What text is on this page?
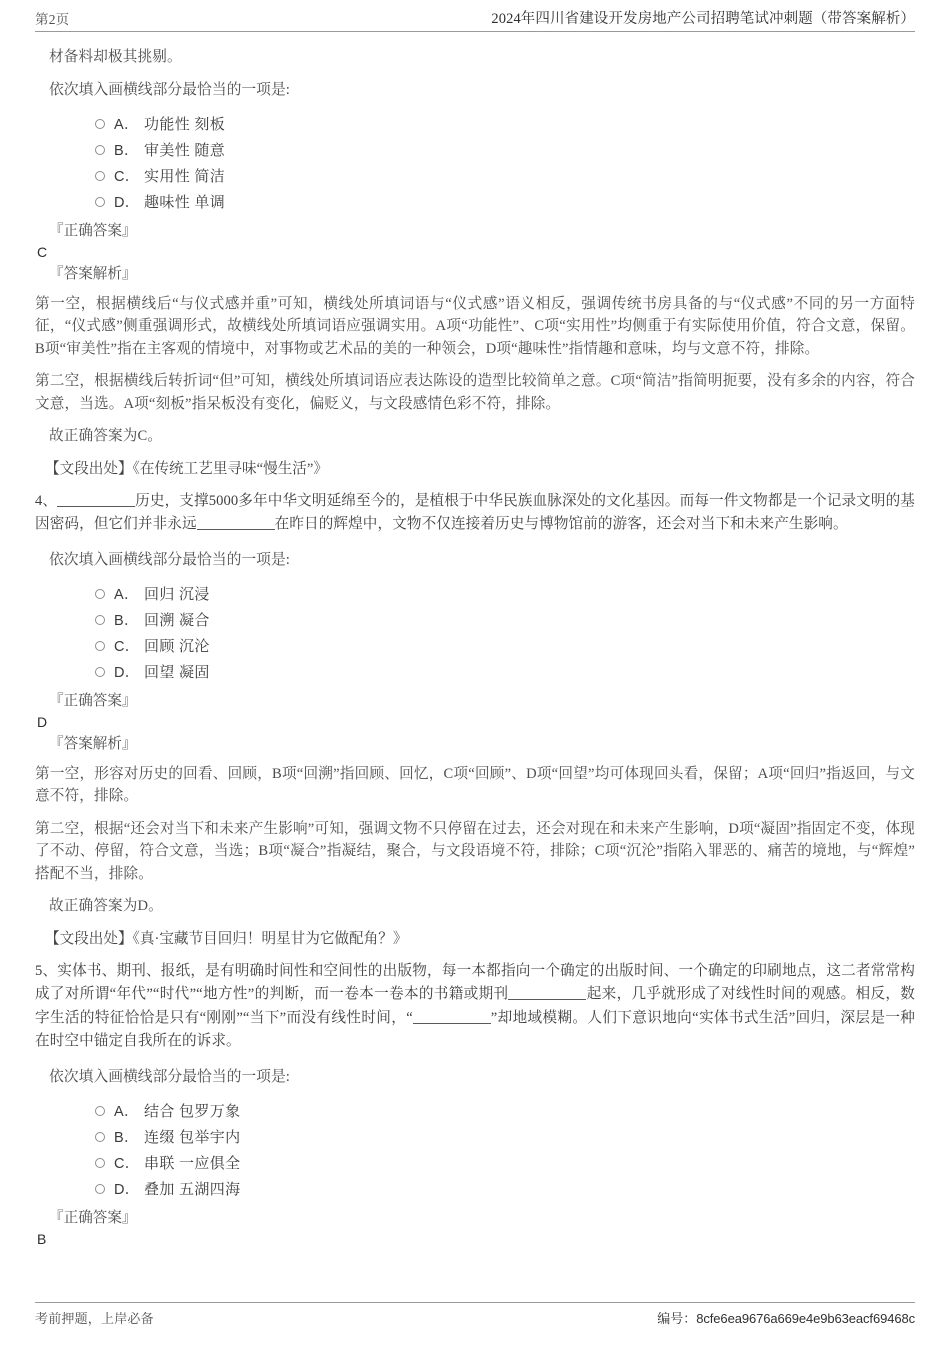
第2页	2024年四川省建设开发房地产公司招聘笔试冲刺题（带答案解析）

材备料却极其挑剔。

依次填入画横线部分最恰当的一项是:

A． 功能性 刻板
B． 审美性 随意
C． 实用性 简洁
D． 趣味性 单调

『正确答案』

C

『答案解析』

第一空，根据横线后“与仪式感并重”可知，横线处所填词语与“仪式感”语义相反，强调传统书房具备的与“仪式感”不同的另一方面特征，“仪式感”侧重强调形式，故横线处所填词语应强调实用。A项“功能性”、C项“实用性”均侧重于有实际使用价值，符合文意，保留。B项“审美性”指在主客观的情境中，对事物或艺术品的美的一种领会，D项“趣味性”指情趣和意味，均与文意不符，排除。

第二空，根据横线后转折词“但”可知，横线处所填词语应表达陈设的造型比较简单之意。C项“简洁”指简明扼要，没有多余的内容，符合文意，当选。A项“刻板”指呆板没有变化，偏贬义，与文段感情色彩不符，排除。

故正确答案为C。

【文段出处】《在传统工艺里寻味“慢生活”》

4、	历史，支撑5000多年中华文明延绵至今的，是植根于中华民族血脉深处的文化基因。而每一件文物都是一个记录文明的基因密码，但它们并非永远	在昨日的辉煌中，文物不仅连接着历史与博物馆前的游客，还会对当下和未来产生影响。

依次填入画横线部分最恰当的一项是:

A． 回归 沉浸
B． 回溯 凝合
C． 回顾 沉沦
D． 回望 凝固

『正确答案』

D

『答案解析』

第一空，形容对历史的回看、回顾，B项“回溯”指回顾、回忆，C项“回顾”、D项“回望”均可体现回头看，保留；A项“回归”指返回，与文意不符，排除。

第二空，根据“还会对当下和未来产生影响”可知，强调文物不只停留在过去，还会对现在和未来产生影响，D项“凝固”指固定不变，体现了不动、停留，符合文意，当选；B项“凝合”指凝结，聚合，与文段语境不符，排除；C项“沉沦”指陷入罪恶的、痛苦的境地，与“辉煌”搭配不当，排除。

故正确答案为D。

【文段出处】《真·宝藏节目回归！明星甘为它做配角？》

5、实体书、期刊、报纸，是有明确时间性和空间性的出版物，每一本都指向一个确定的出版时间、一个确定的印刷地点，这二者常常构成了对所谓“年代”“时代”“地方性”的判断，而一卷本一卷本的书籍或期刊	起来，几乎就形成了对线性时间的观感。相反，数字生活的特征恰恰是只有“刚刚”“当下”而没有线性时间，“	”却地域模糊。人们下意识地向“实体书式生活”回归，深层是一种在时空中锚定自我所在的诉求。

依次填入画横线部分最恰当的一项是:

A． 结合 包罗万象
B． 连缀 包举宇内
C． 串联 一应俱全
D． 叠加 五湖四海

『正确答案』

B

考前押题，上岸必备	编号：8cfe6ea9676a669e4e9b63eacf69468c
